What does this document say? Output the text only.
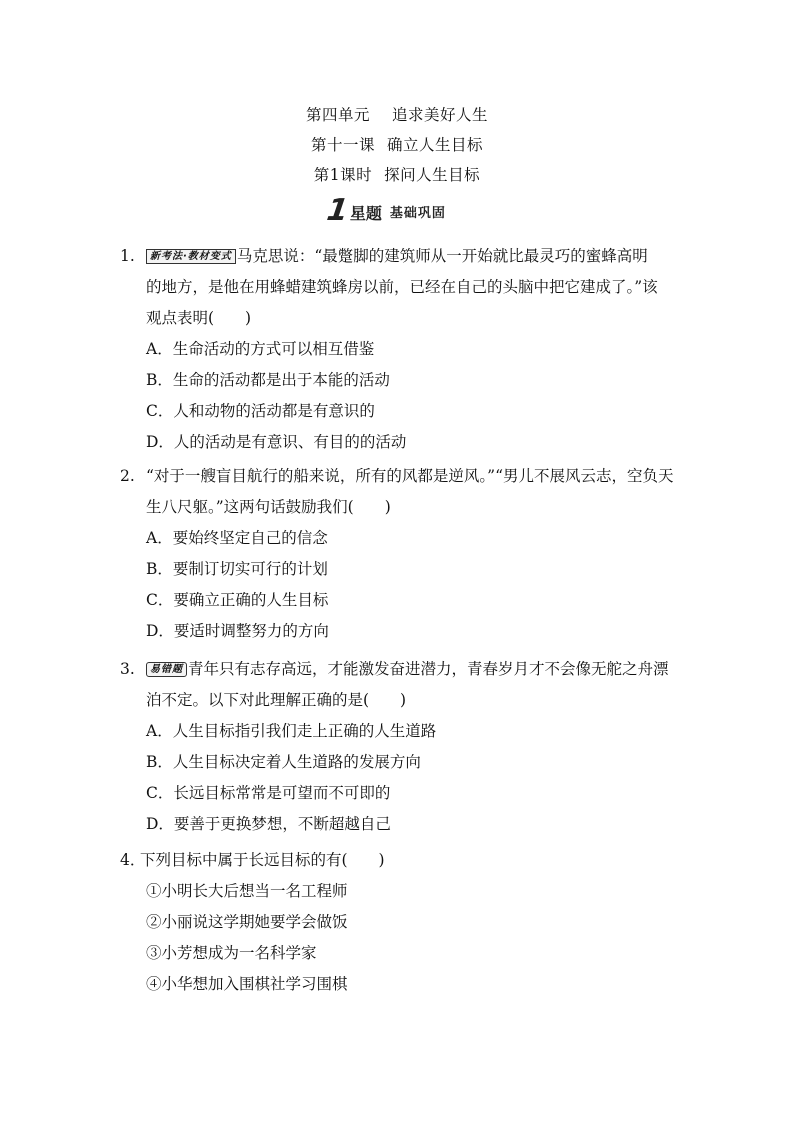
第四单元 追求美好人生
第十一课 确立人生目标
第1课时 探问人生目标
1 星题 基础巩固

1. 新考法·教材变式 马克思说：“最蹩脚的建筑师从一开始就比最灵巧的蜜蜂高明

的地方，是他在用蜂蜡建筑蜂房以前，已经在自己的头脑中把它建成了。”该

观点表明(　　)

A．生命活动的方式可以相互借鉴
B．生命的活动都是出于本能的活动
C．人和动物的活动都是有意识的
D．人的活动是有意识、有目的的活动

2. “对于一艘盲目航行的船来说，所有的风都是逆风。”“男儿不展风云志，空负天

生八尺躯。”这两句话鼓励我们(　　)

A．要始终坚定自己的信念
B．要制订切实可行的计划
C．要确立正确的人生目标
D．要适时调整努力的方向

3. 易错题 青年只有志存高远，才能激发奋进潜力，青春岁月才不会像无舵之舟漂

泊不定。以下对此理解正确的是(　　)

A．人生目标指引我们走上正确的人生道路
B．人生目标决定着人生道路的发展方向
C．长远目标常常是可望而不可即的
D．要善于更换梦想，不断超越自己

4．下列目标中属于长远目标的有(　　)

①小明长大后想当一名工程师
②小丽说这学期她要学会做饭
③小芳想成为一名科学家
④小华想加入围棋社学习围棋
